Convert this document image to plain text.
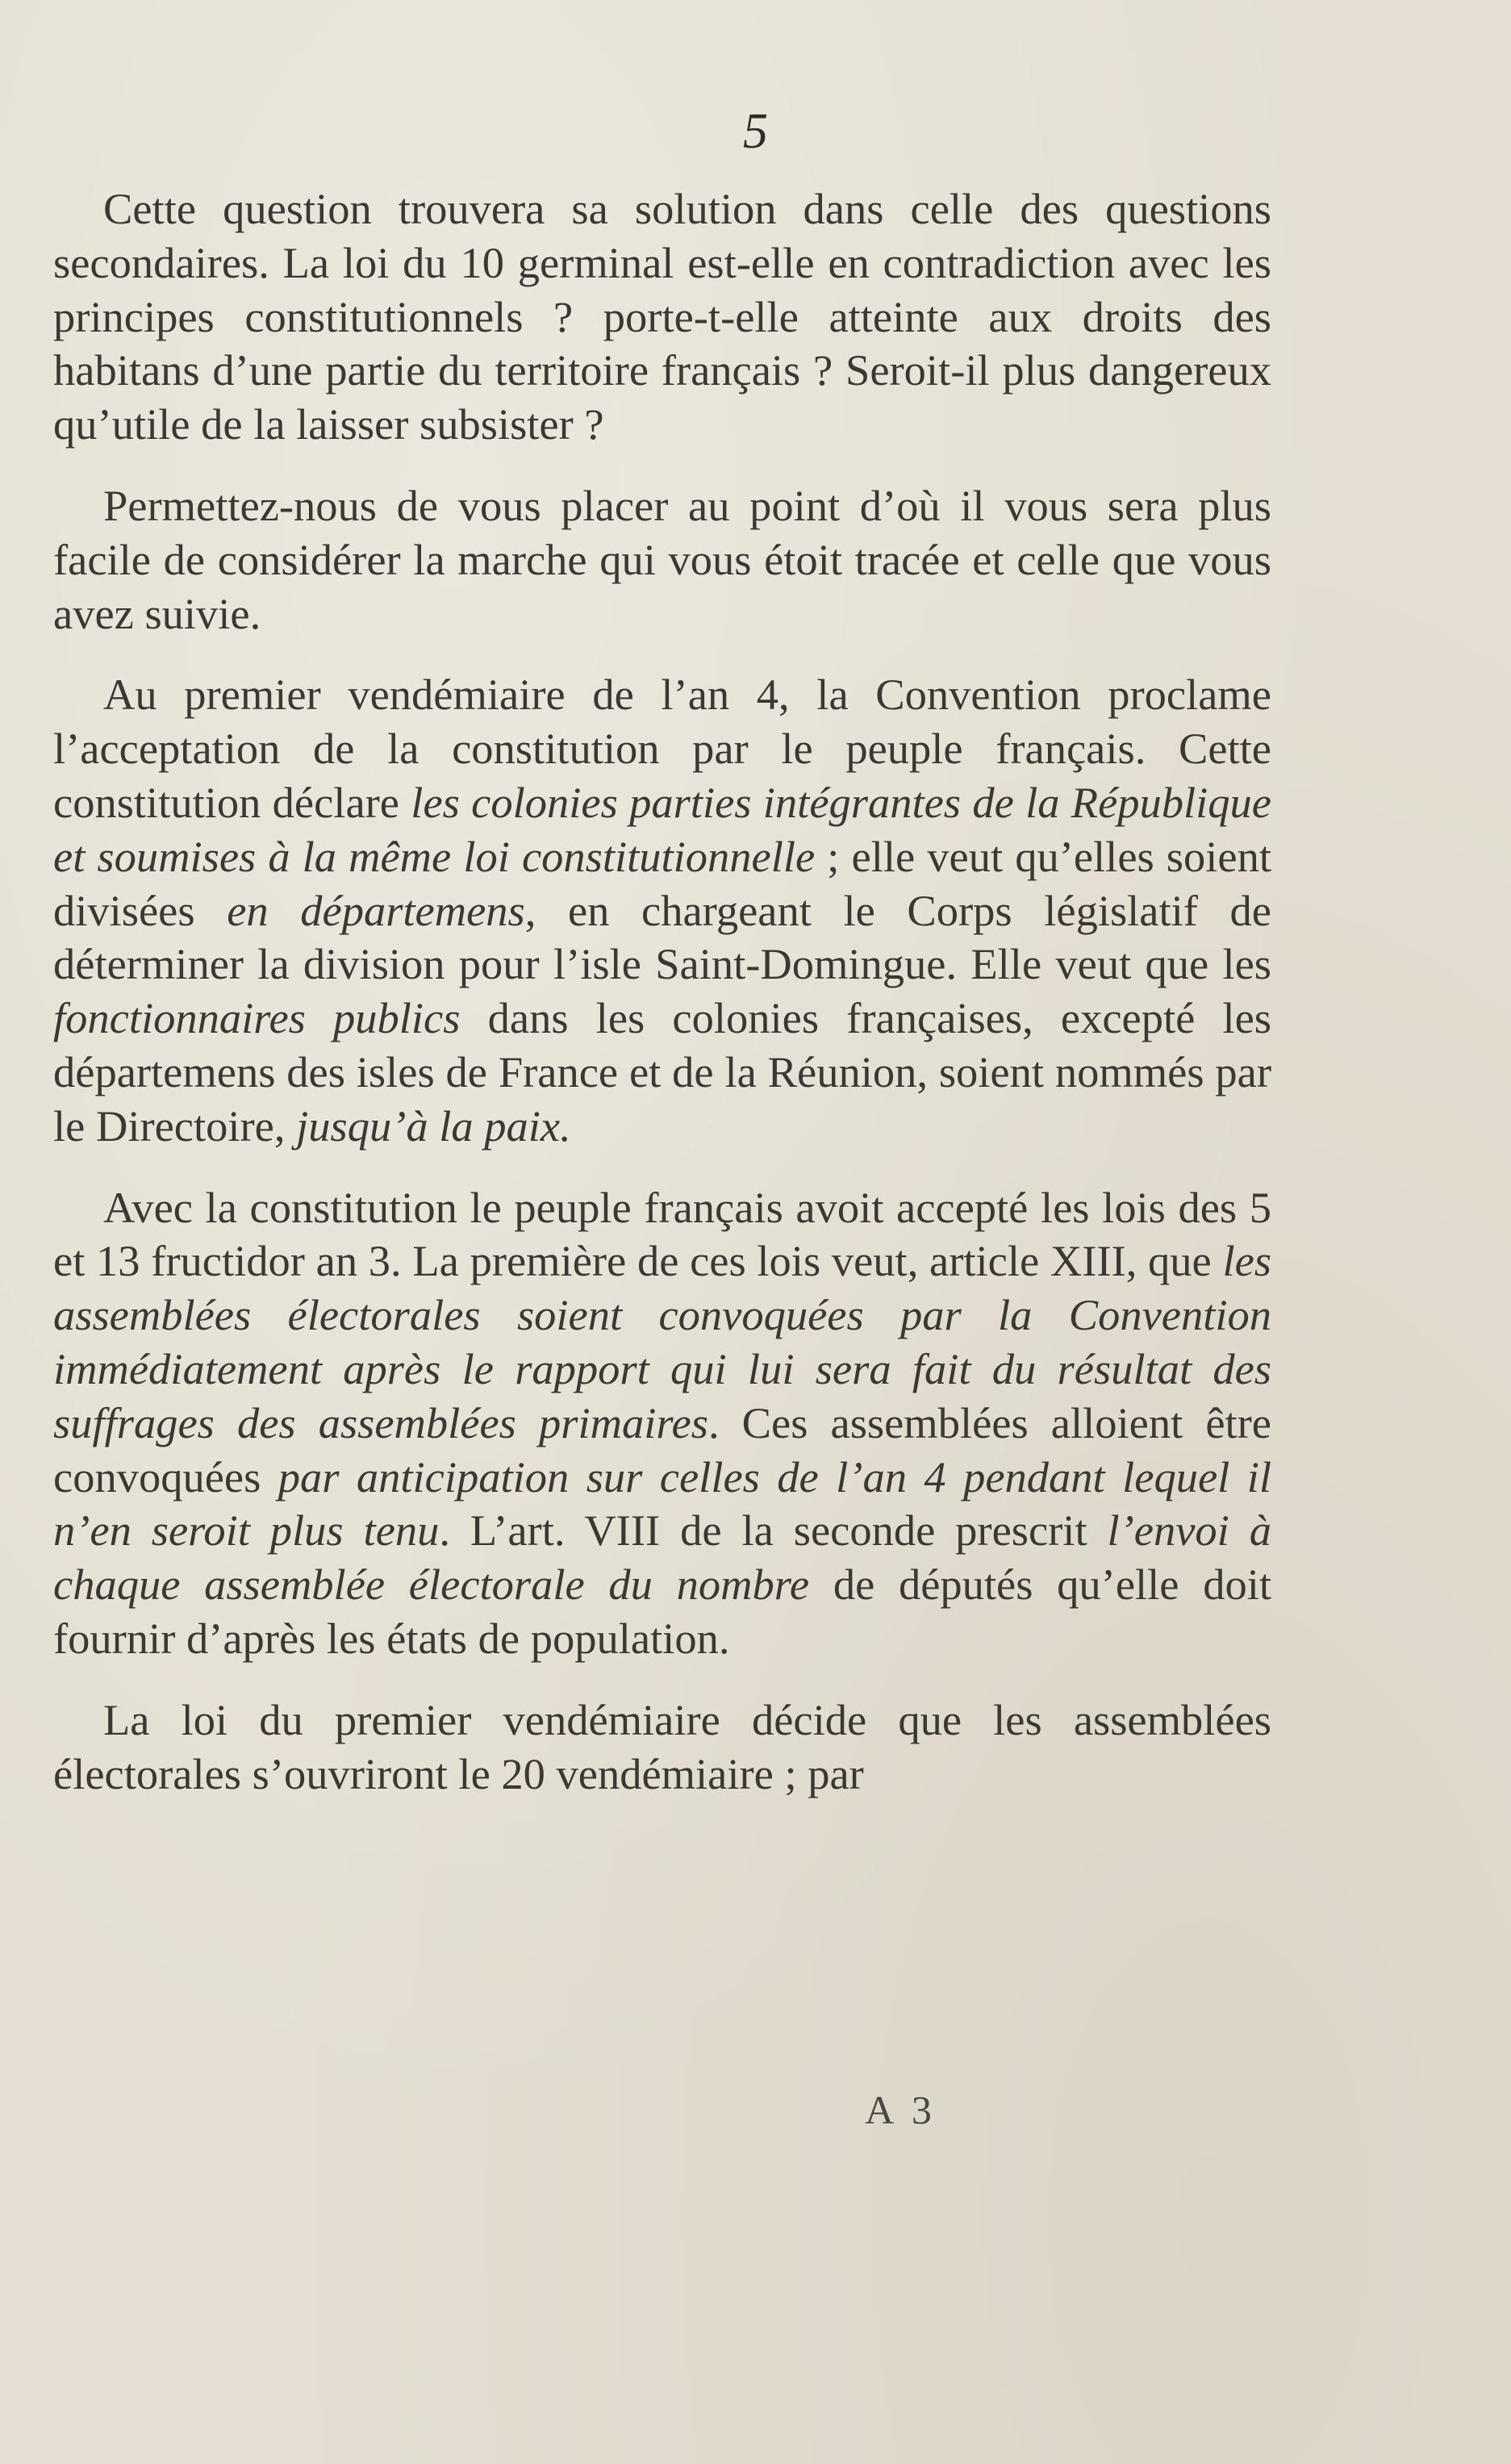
5

Cette question trouvera sa solution dans celle des questions secondaires. La loi du 10 germinal est-elle en contradiction avec les principes constitutionnels ? porte-t-elle atteinte aux droits des habitans d’une partie du territoire français ? Seroit-il plus dangereux qu’utile de la laisser subsister ?

Permettez-nous de vous placer au point d’où il vous sera plus facile de considérer la marche qui vous étoit tracée et celle que vous avez suivie.

Au premier vendémiaire de l’an 4, la Convention proclame l’acceptation de la constitution par le peuple français. Cette constitution déclare les colonies parties intégrantes de la République et soumises à la même loi constitutionnelle ; elle veut qu’elles soient divisées en départemens, en chargeant le Corps législatif de déterminer la division pour l’isle Saint-Domingue. Elle veut que les fonctionnaires publics dans les colonies françaises, excepté les départemens des isles de France et de la Réunion, soient nommés par le Directoire, jusqu’à la paix.

Avec la constitution le peuple français avoit accepté les lois des 5 et 13 fructidor an 3. La première de ces lois veut, article XIII, que les assemblées électorales soient convoquées par la Convention immédiatement après le rapport qui lui sera fait du résultat des suffrages des assemblées primaires. Ces assemblées alloient être convoquées par anticipation sur celles de l’an 4 pendant lequel il n’en seroit plus tenu. L’art. VIII de la seconde prescrit l’envoi à chaque assemblée électorale du nombre de députés qu’elle doit fournir d’après les états de population.

La loi du premier vendémiaire décide que les assemblées électorales s’ouvriront le 20 vendémiaire ; par

A 3
